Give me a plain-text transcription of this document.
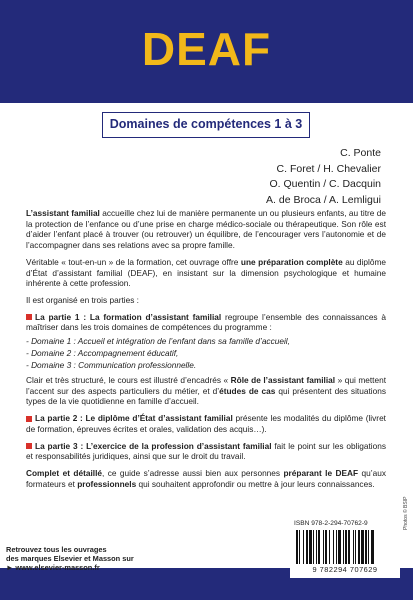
DEAF
Domaines de compétences 1 à 3
C. Ponte
C. Foret / H. Chevalier
O. Quentin / C. Dacquin
A. de Broca / A. Lemligui

L’assistant familial accueille chez lui de manière permanente un ou plusieurs enfants, au titre de la protection de l’enfance ou d’une prise en charge médico-sociale ou thérapeutique. Son rôle est d’aider l’enfant placé à trouver (ou retrouver) un équilibre, de l’encourager vers l’autonomie et de l’accompagner dans ses relations avec sa propre famille.

Véritable « tout-en-un » de la formation, cet ouvrage offre une préparation complète au diplôme d’État d’assistant familial (DEAF), en insistant sur la dimension psychologique et humaine inhérente à cette profession.

Il est organisé en trois parties :

La partie 1 : La formation d’assistant familial regroupe l’ensemble des connaissances à maîtriser dans les trois domaines de compétences du programme :
- Domaine 1 : Accueil et intégration de l’enfant dans sa famille d’accueil,
- Domaine 2 : Accompagnement éducatif,
- Domaine 3 : Communication professionnelle.

Clair et très structuré, le cours est illustré d’encadrés « Rôle de l’assistant familial » qui mettent l’accent sur des aspects particuliers du métier, et d’études de cas qui présentent des situations types de la vie quotidienne en famille d’accueil.

La partie 2 : Le diplôme d’État d’assistant familial présente les modalités du diplôme (livret de formation, épreuves écrites et orales, validation des acquis…).

La partie 3 : L’exercice de la profession d’assistant familial fait le point sur les obligations et responsabilités juridiques, ainsi que sur le droit du travail.

Complet et détaillé, ce guide s’adresse aussi bien aux personnes préparant le DEAF qu’aux formateurs et professionnels qui souhaitent approfondir ou mettre à jour leurs connaissances.

Retrouvez tous les ouvrages
des marques Elsevier et Masson sur
► www.elsevier-masson.fr
ISBN 978-2-294-70762-9
9 782294 707629
Photos © BSIP
